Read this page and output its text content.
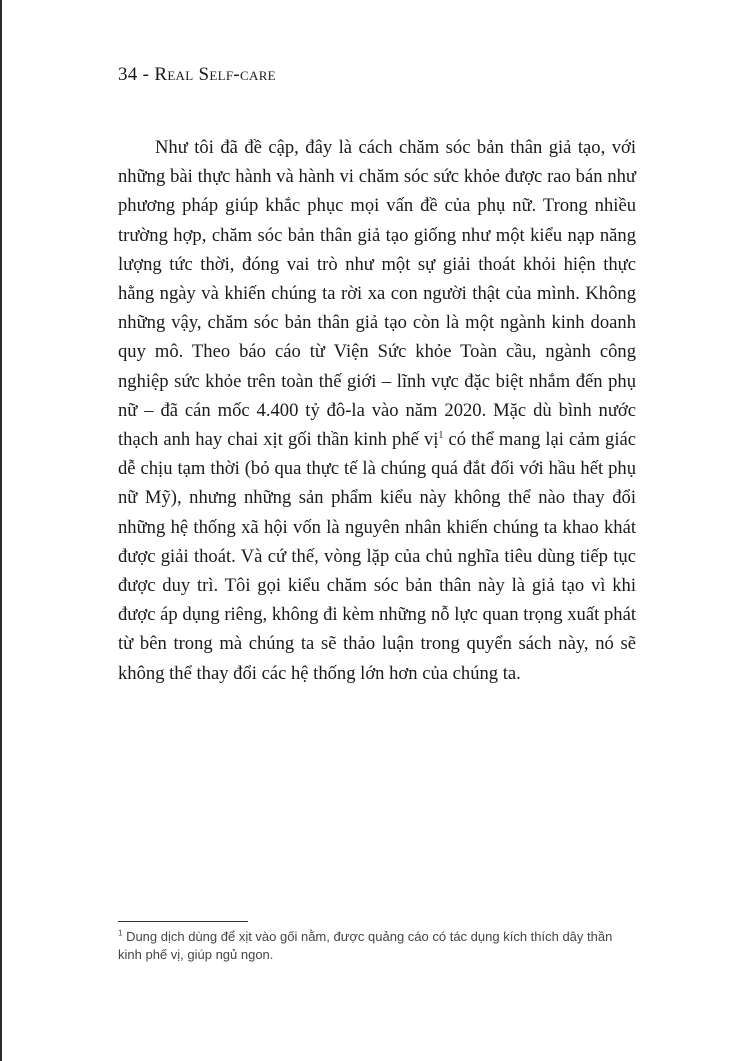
34 - Real Self-care

Như tôi đã đề cập, đây là cách chăm sóc bản thân giả tạo, với những bài thực hành và hành vi chăm sóc sức khỏe được rao bán như phương pháp giúp khắc phục mọi vấn đề của phụ nữ. Trong nhiều trường hợp, chăm sóc bản thân giả tạo giống như một kiểu nạp năng lượng tức thời, đóng vai trò như một sự giải thoát khỏi hiện thực hằng ngày và khiến chúng ta rời xa con người thật của mình. Không những vậy, chăm sóc bản thân giả tạo còn là một ngành kinh doanh quy mô. Theo báo cáo từ Viện Sức khỏe Toàn cầu, ngành công nghiệp sức khỏe trên toàn thế giới – lĩnh vực đặc biệt nhắm đến phụ nữ – đã cán mốc 4.400 tỷ đô-la vào năm 2020. Mặc dù bình nước thạch anh hay chai xịt gối thần kinh phế vị$^1$ có thể mang lại cảm giác dễ chịu tạm thời (bỏ qua thực tế là chúng quá đắt đối với hầu hết phụ nữ Mỹ), nhưng những sản phẩm kiểu này không thể nào thay đổi những hệ thống xã hội vốn là nguyên nhân khiến chúng ta khao khát được giải thoát. Và cứ thế, vòng lặp của chủ nghĩa tiêu dùng tiếp tục được duy trì. Tôi gọi kiểu chăm sóc bản thân này là giả tạo vì khi được áp dụng riêng, không đi kèm những nỗ lực quan trọng xuất phát từ bên trong mà chúng ta sẽ thảo luận trong quyển sách này, nó sẽ không thể thay đổi các hệ thống lớn hơn của chúng ta.

$^1$ Dung dịch dùng để xịt vào gối nằm, được quảng cáo có tác dụng kích thích dây thần kinh phế vị, giúp ngủ ngon.
